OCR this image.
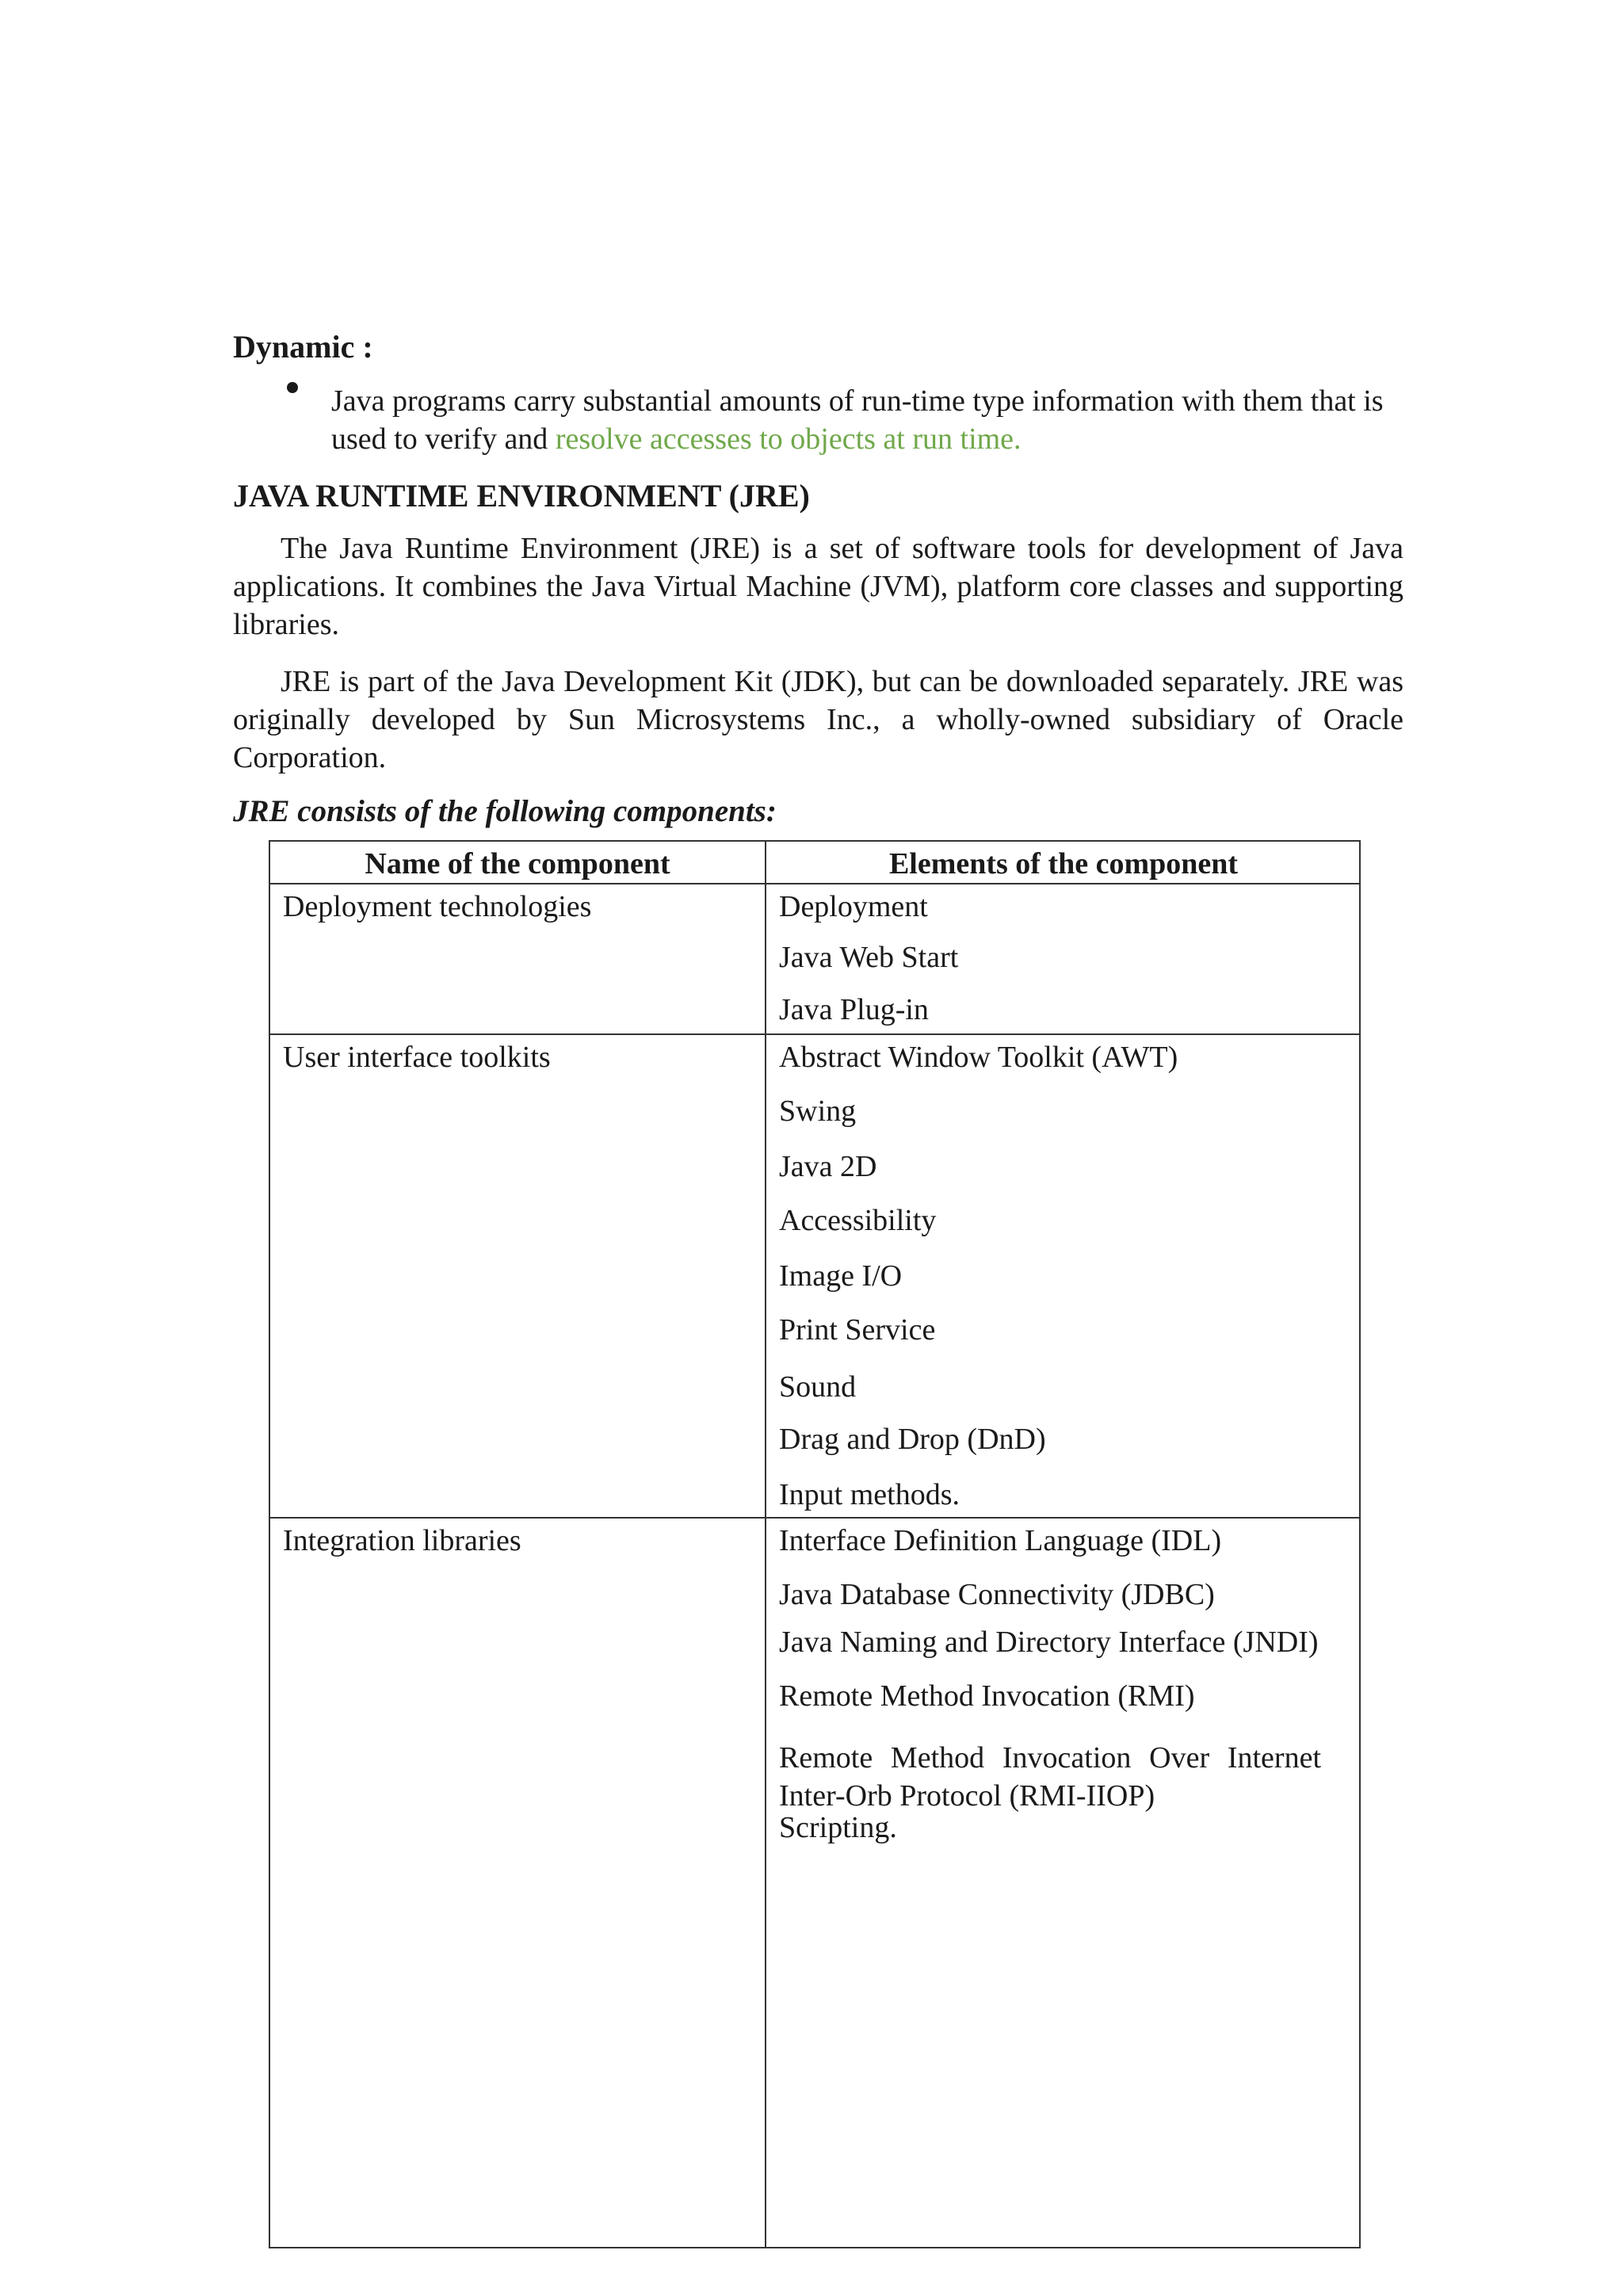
Dynamic :
Java programs carry substantial amounts of run-time type information with them that is used to verify and resolve accesses to objects at run time.
JAVA RUNTIME ENVIRONMENT (JRE)
The Java Runtime Environment (JRE) is a set of software tools for development of Java applications. It combines the Java Virtual Machine (JVM), platform core classes and supporting libraries.
JRE is part of the Java Development Kit (JDK), but can be downloaded separately. JRE was originally developed by Sun Microsystems Inc., a wholly-owned subsidiary of Oracle Corporation.
JRE consists of the following components:
Name of the component	Elements of the component
Deployment technologies	Deployment
Java Web Start
Java Plug-in
User interface toolkits	Abstract Window Toolkit (AWT)
Swing
Java 2D
Accessibility
Image I/O
Print Service
Sound
Drag and Drop (DnD)
Input methods.
Integration libraries	Interface Definition Language (IDL)
Java Database Connectivity (JDBC)
Java Naming and Directory Interface (JNDI)
Remote Method Invocation (RMI)
Remote Method Invocation Over Internet Inter-Orb Protocol (RMI-IIOP)
Scripting.
